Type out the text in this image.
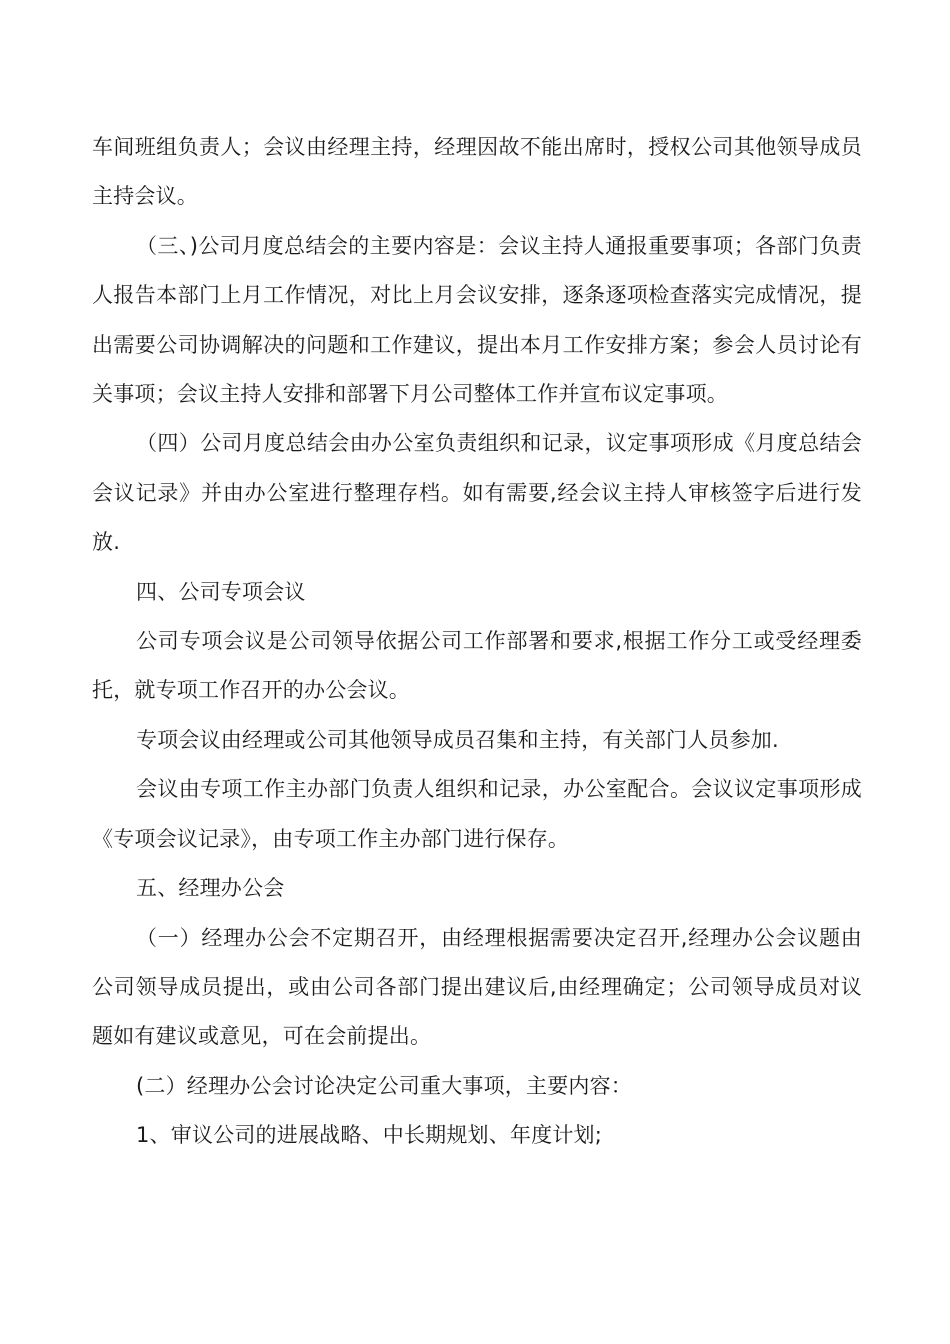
车间班组负责人；会议由经理主持，经理因故不能出席时，授权公司其他领导成员主持会议。

（三、)公司月度总结会的主要内容是：会议主持人通报重要事项；各部门负责人报告本部门上月工作情况，对比上月会议安排，逐条逐项检查落实完成情况，提出需要公司协调解决的问题和工作建议，提出本月工作安排方案；参会人员讨论有关事项；会议主持人安排和部署下月公司整体工作并宣布议定事项。

（四）公司月度总结会由办公室负责组织和记录，议定事项形成《月度总结会会议记录》并由办公室进行整理存档。如有需要,经会议主持人审核签字后进行发放.

四、公司专项会议

公司专项会议是公司领导依据公司工作部署和要求,根据工作分工或受经理委托，就专项工作召开的办公会议。

专项会议由经理或公司其他领导成员召集和主持，有关部门人员参加.

会议由专项工作主办部门负责人组织和记录，办公室配合。会议议定事项形成《专项会议记录》，由专项工作主办部门进行保存。

五、经理办公会

（一）经理办公会不定期召开，由经理根据需要决定召开,经理办公会议题由公司领导成员提出，或由公司各部门提出建议后,由经理确定；公司领导成员对议题如有建议或意见，可在会前提出。

(二）经理办公会讨论决定公司重大事项，主要内容：

1、审议公司的进展战略、中长期规划、年度计划;
